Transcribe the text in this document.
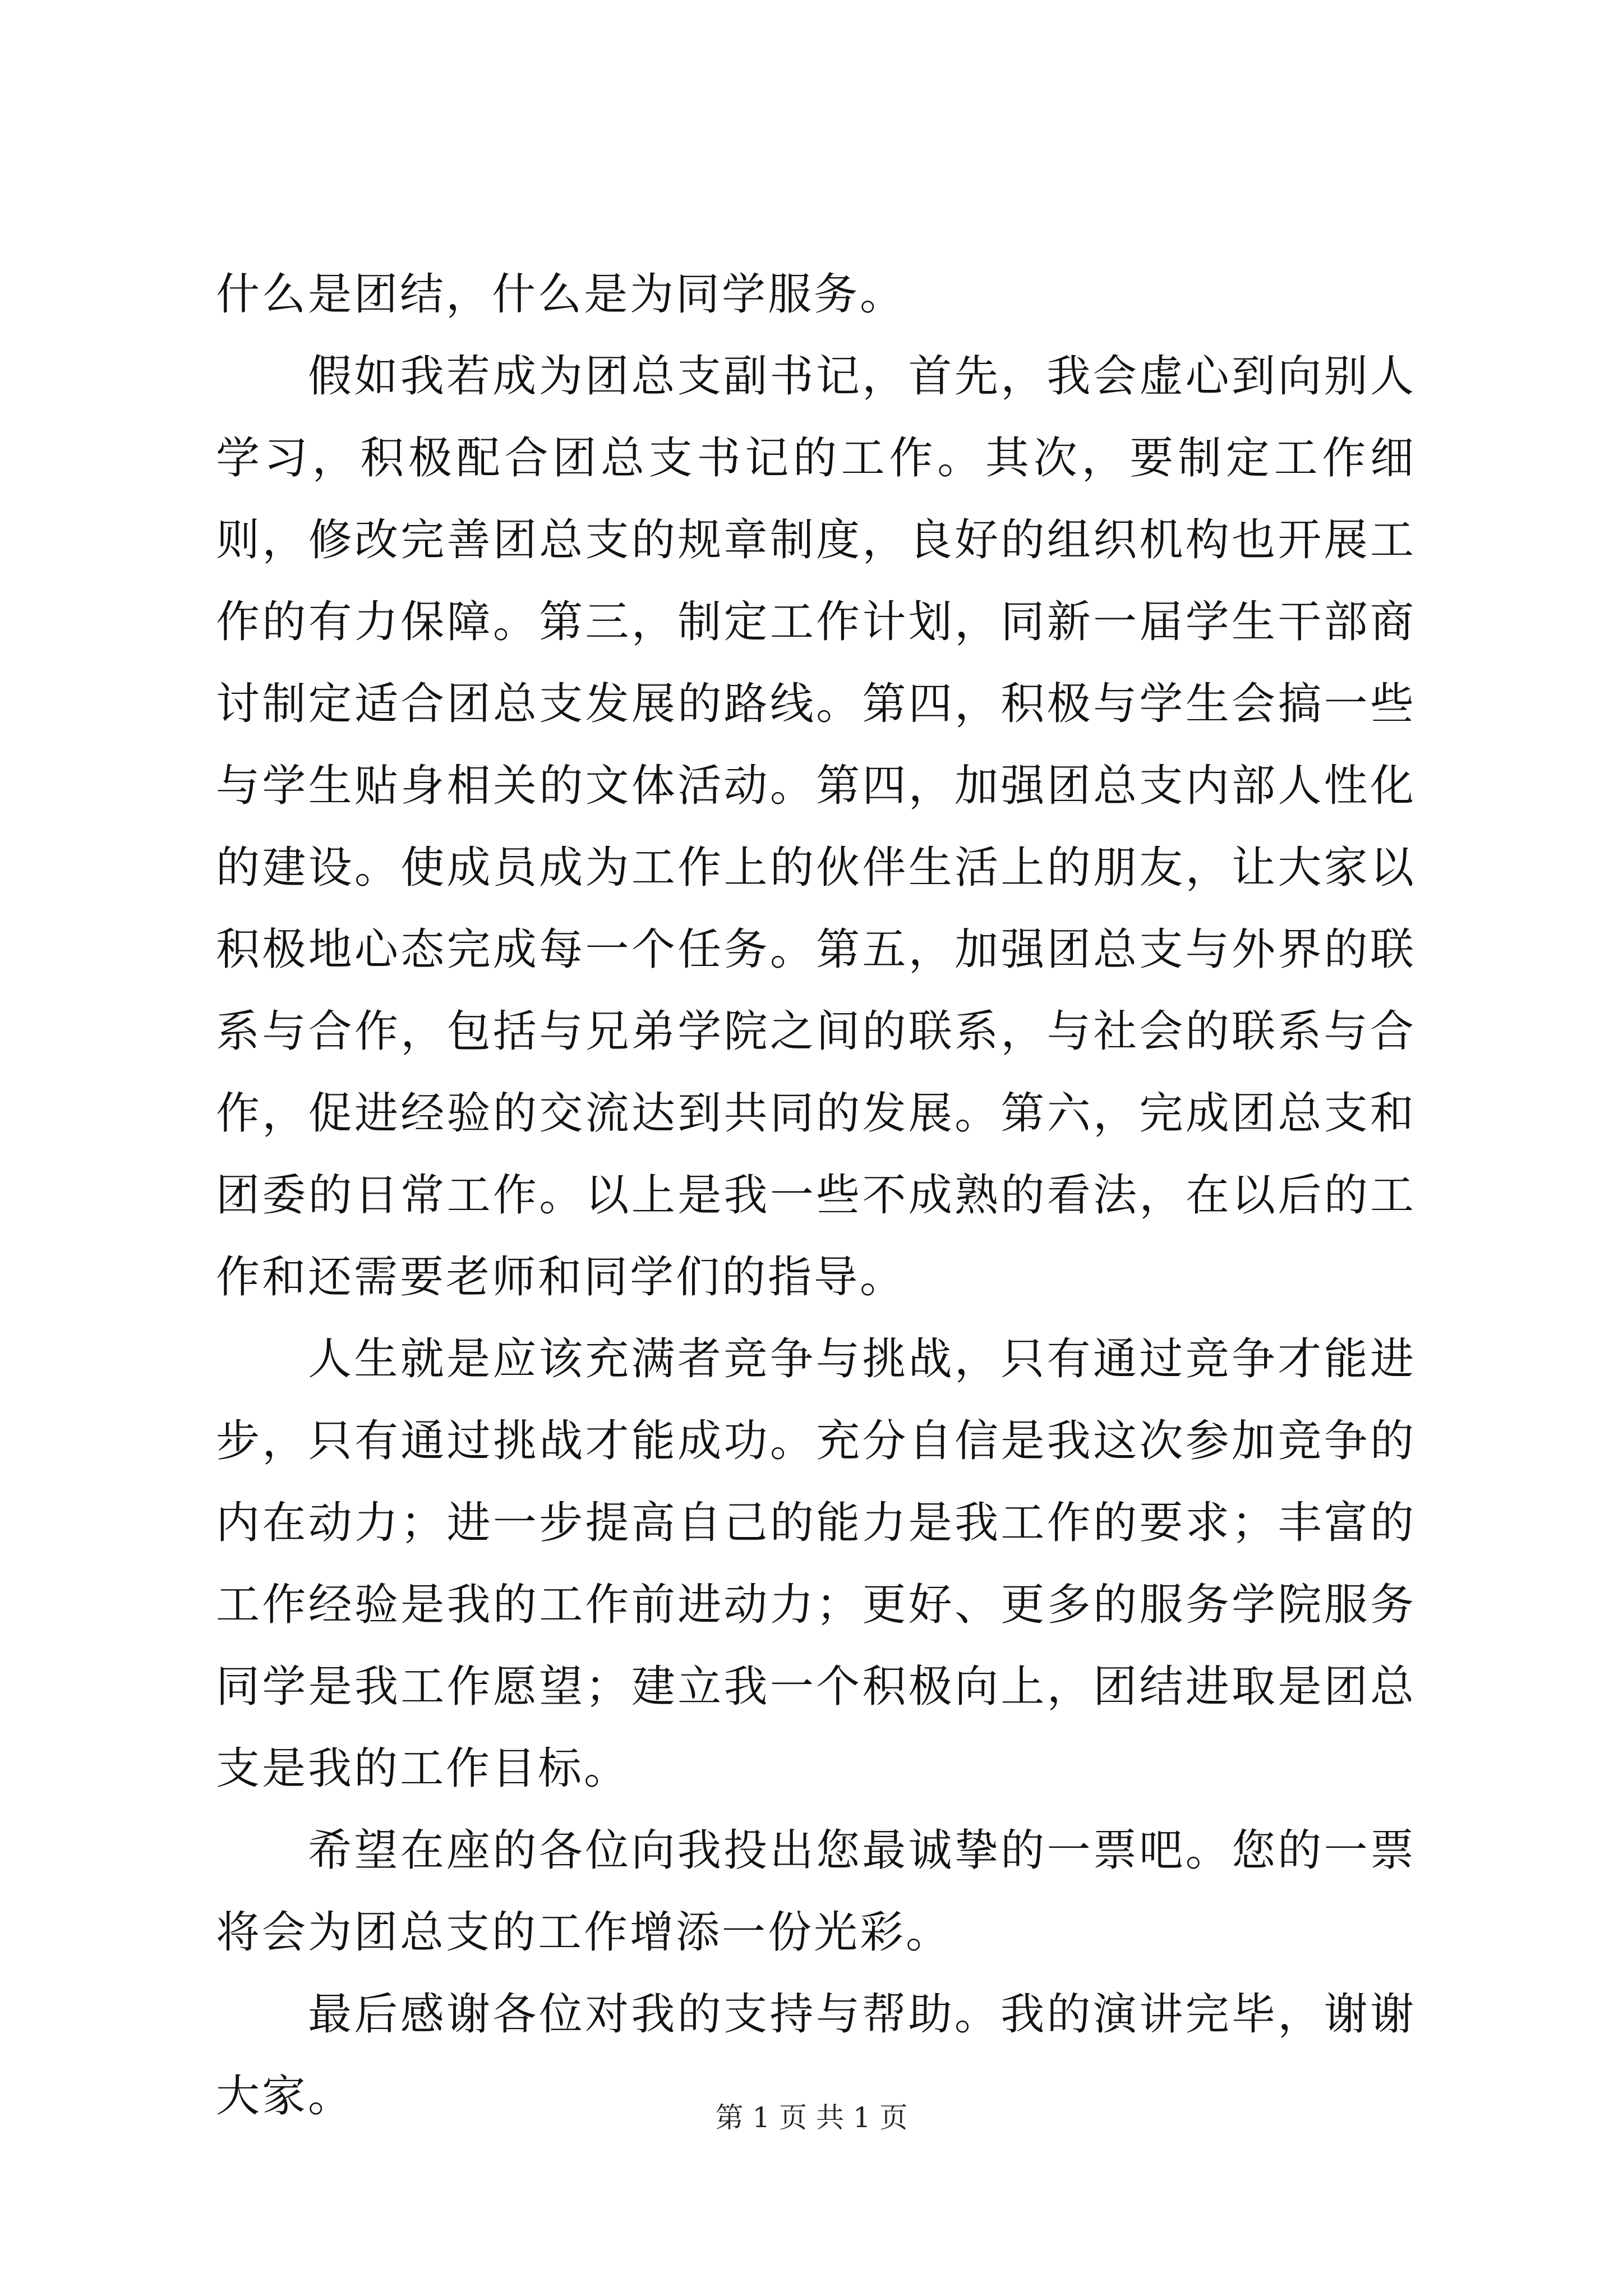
什么是团结，什么是为同学服务。

假如我若成为团总支副书记，首先，我会虚心到向别人学习，积极配合团总支书记的工作。其次，要制定工作细则，修改完善团总支的规章制度，良好的组织机构也开展工作的有力保障。第三，制定工作计划，同新一届学生干部商讨制定适合团总支发展的路线。第四，积极与学生会搞一些与学生贴身相关的文体活动。第四，加强团总支内部人性化的建设。使成员成为工作上的伙伴生活上的朋友，让大家以积极地心态完成每一个任务。第五，加强团总支与外界的联系与合作，包括与兄弟学院之间的联系，与社会的联系与合作，促进经验的交流达到共同的发展。第六，完成团总支和团委的日常工作。以上是我一些不成熟的看法，在以后的工作和还需要老师和同学们的指导。

人生就是应该充满者竞争与挑战，只有通过竞争才能进步，只有通过挑战才能成功。充分自信是我这次参加竞争的内在动力；进一步提高自己的能力是我工作的要求；丰富的工作经验是我的工作前进动力；更好、更多的服务学院服务同学是我工作愿望；建立我一个积极向上，团结进取是团总支是我的工作目标。

希望在座的各位向我投出您最诚挚的一票吧。您的一票将会为团总支的工作增添一份光彩。

最后感谢各位对我的支持与帮助。我的演讲完毕，谢谢大家。	第 1 页 共 1 页
